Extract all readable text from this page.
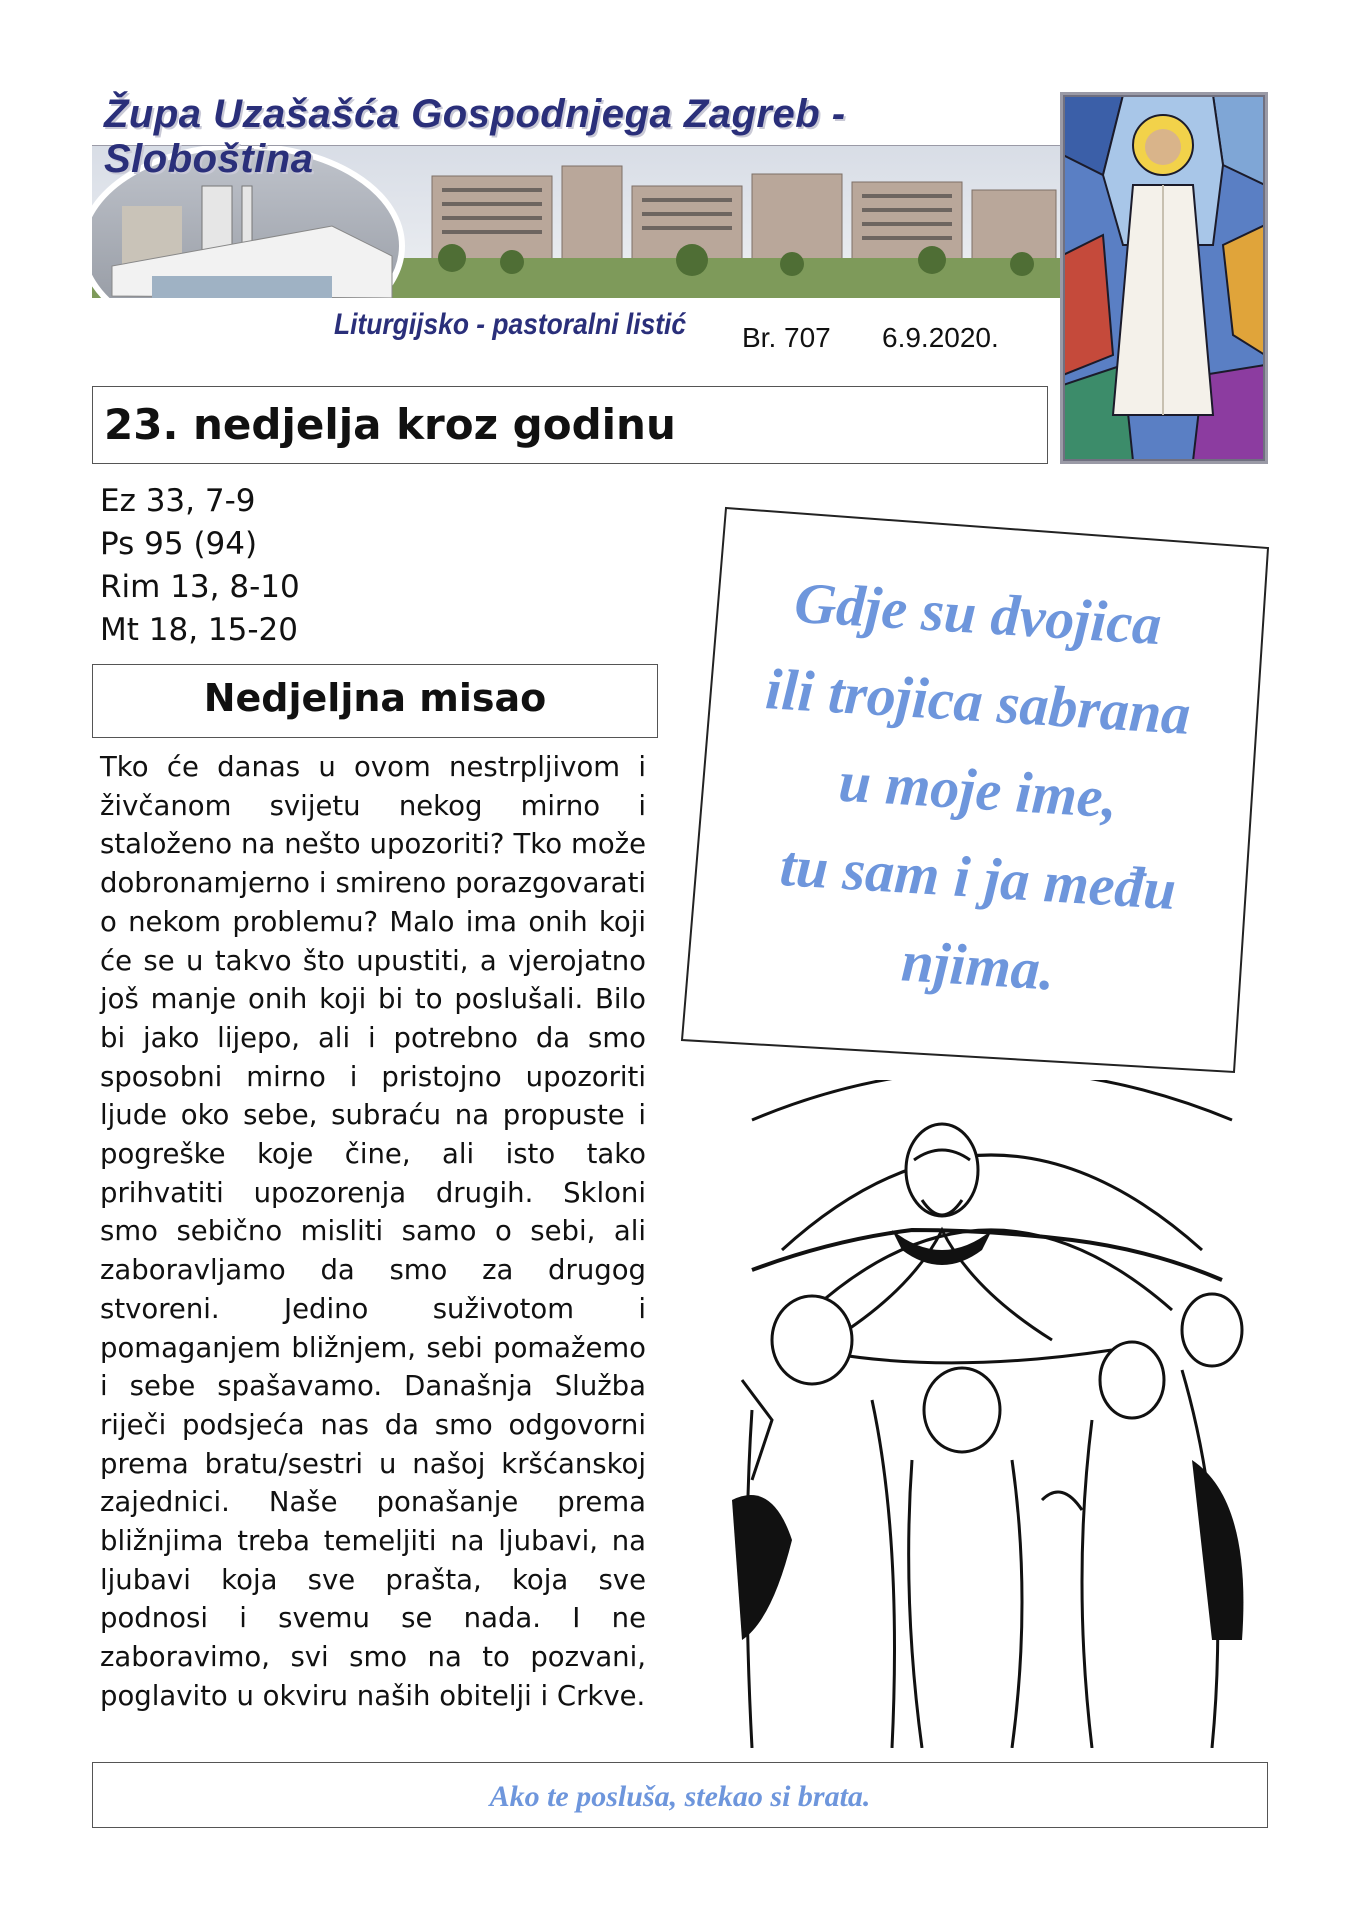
Župa Uzašašća Gospodnjega Zagreb - Sloboština
Liturgijsko - pastoralni listić Br. 707 6.9.2020.
23. nedjelja kroz godinu
Ez 33, 7-9
Ps 95 (94)
Rim 13, 8-10
Mt 18, 15-20
Nedjeljna misao
Tko će danas u ovom nestrpljivom i živčanom svijetu nekog mirno i staloženo na nešto upozoriti? Tko može dobronamjerno i smireno porazgovarati o nekom problemu? Malo ima onih koji će se u takvo što upustiti, a vjerojatno još manje onih koji bi to poslušali. Bilo bi jako lijepo, ali i potrebno da smo sposobni mirno i pristojno upozoriti ljude oko sebe, subraću na propuste i pogreške koje čine, ali isto tako prihvatiti upozorenja drugih. Skloni smo sebično misliti samo o sebi, ali zaboravljamo da smo za drugog stvoreni. Jedino suživotom i pomaganjem bližnjem, sebi pomažemo i sebe spašavamo. Današnja Služba riječi podsjeća nas da smo odgovorni prema bratu/sestri u našoj kršćanskoj zajednici. Naše ponašanje prema bližnjima treba temeljiti na ljubavi, na ljubavi koja sve prašta, koja sve podnosi i svemu se nada. I ne zaboravimo, svi smo na to pozvani, poglavito u okviru naših obitelji i Crkve.
Gdje su dvojica
ili trojica sabrana
u moje ime,
tu sam i ja među
njima.
Ako te posluša, stekao si brata.
